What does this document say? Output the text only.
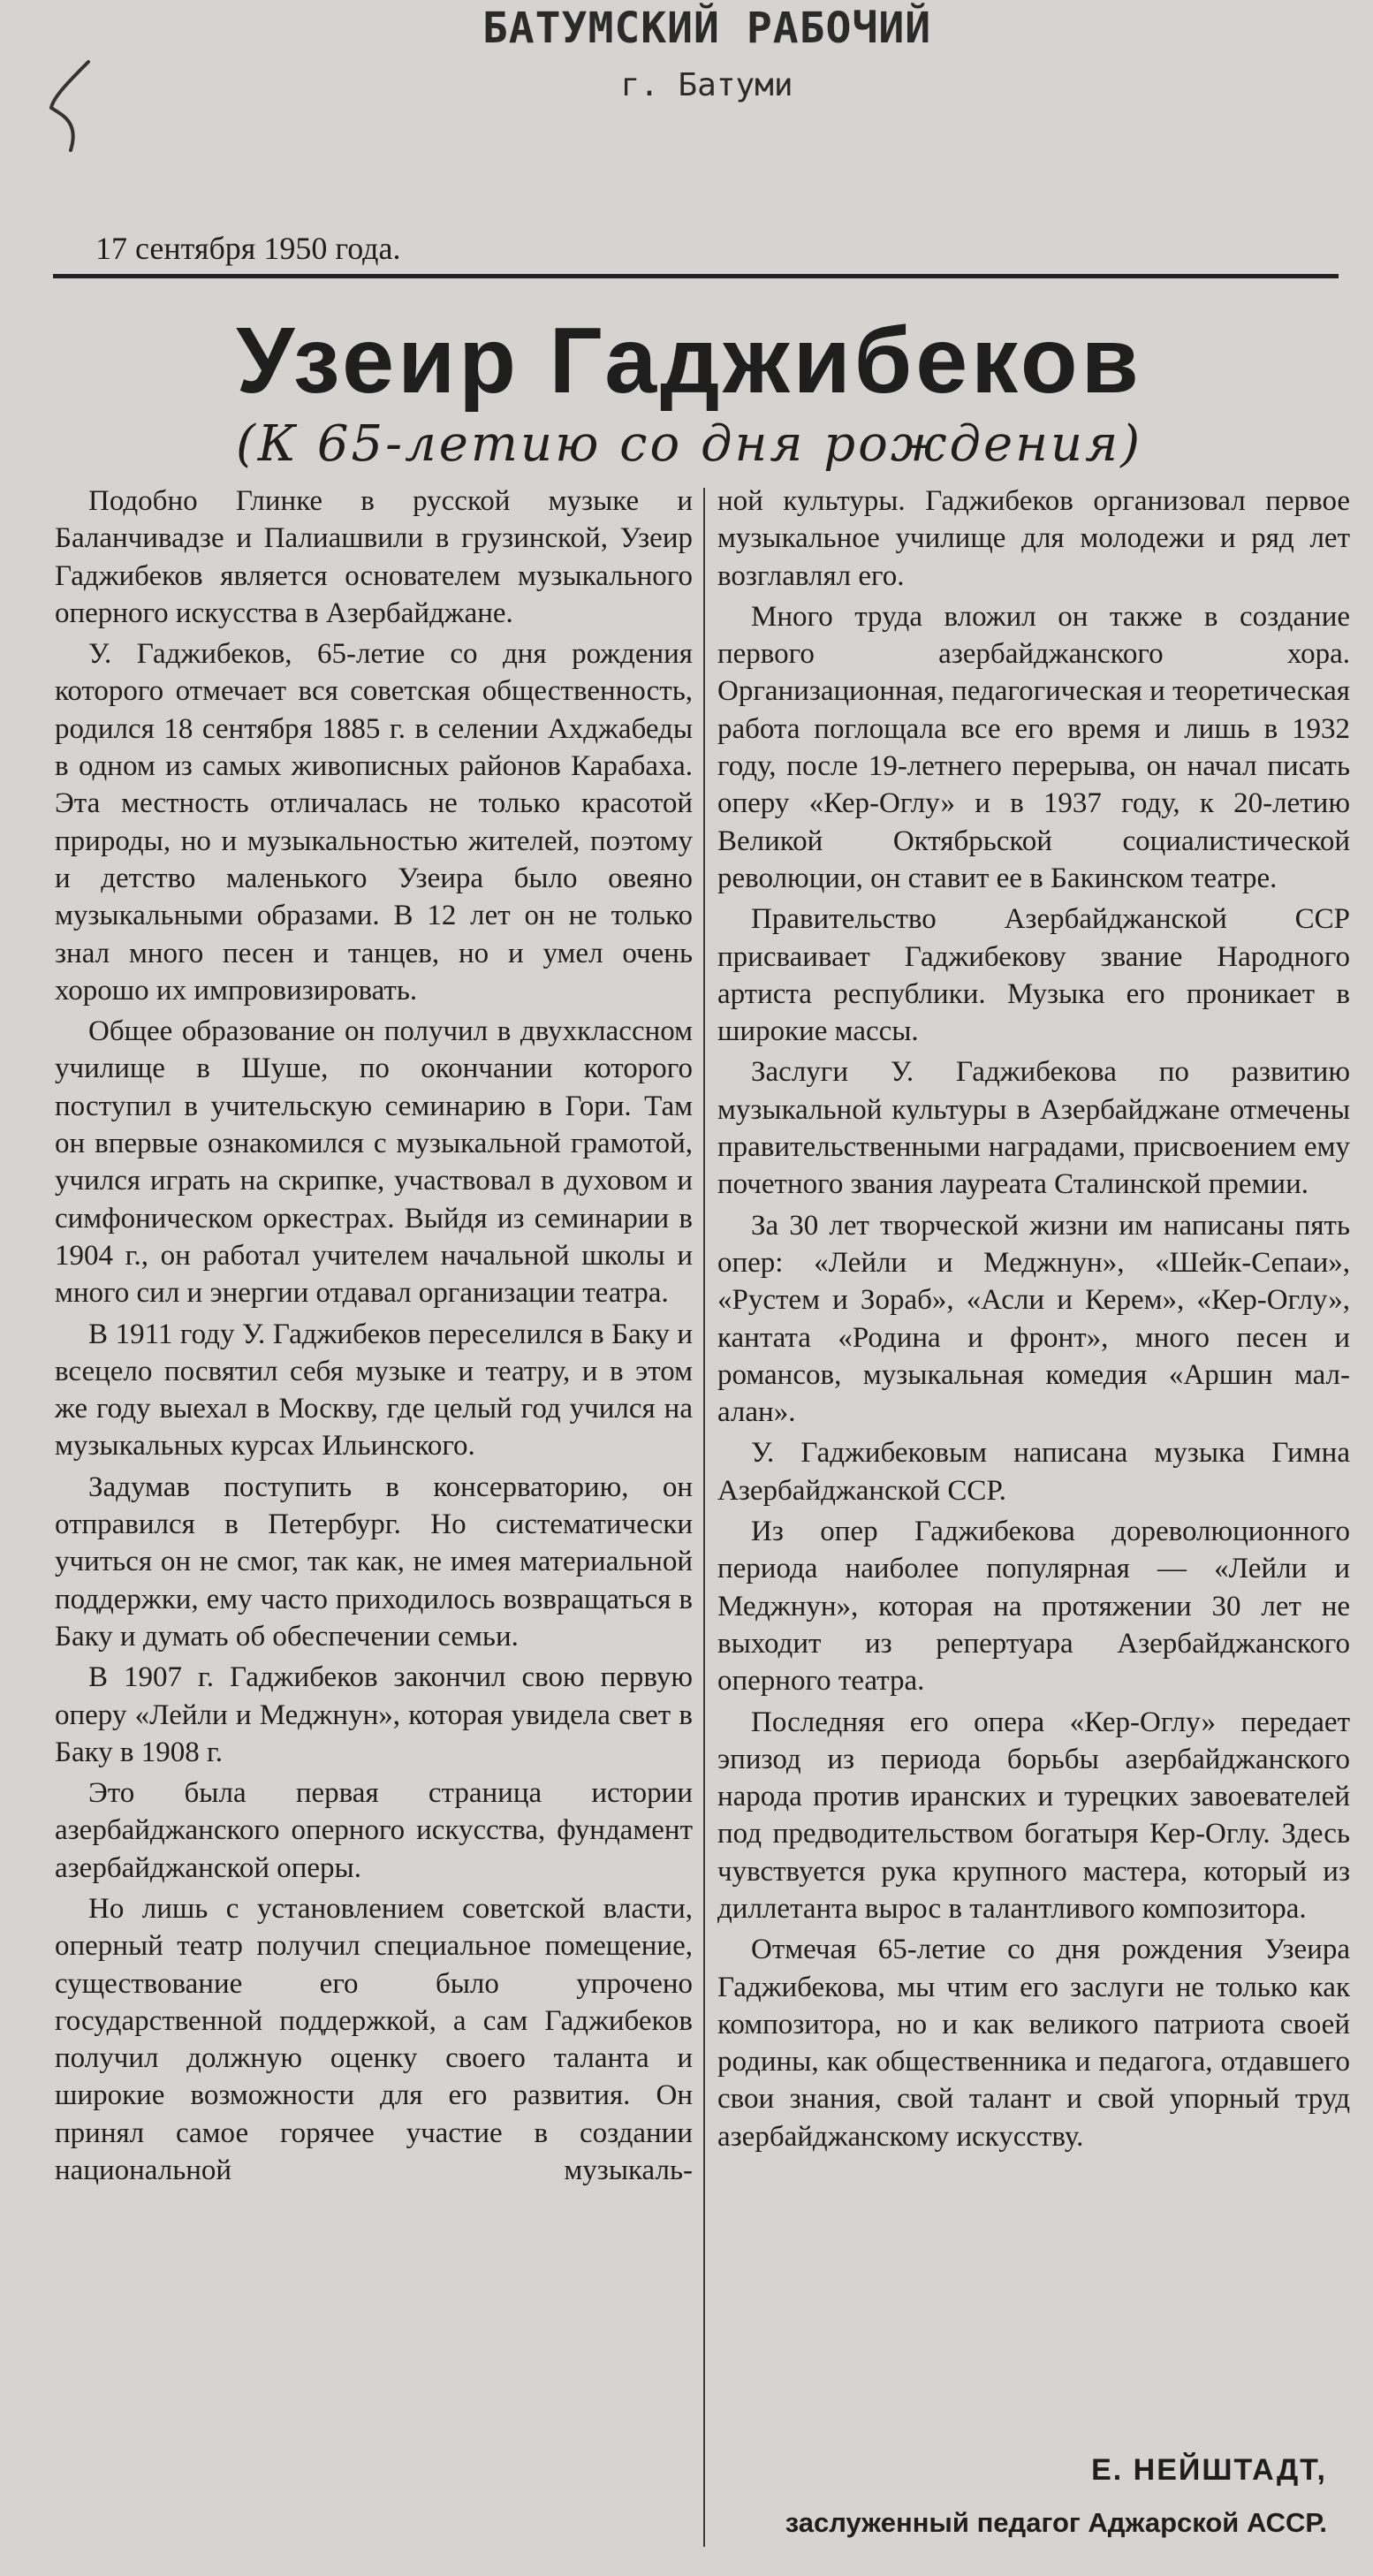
БАТУМСКИЙ РАБОЧИЙ
г. Батуми
17 сентября 1950 года.
Узеир Гаджибеков
(К 65-летию со дня рождения)

Подобно Глинке в русской музыке и Баланчивадзе и Палиашвили в грузинской, Узеир Гаджибеков является основателем музыкального оперного искусства в Азербайджане.

У. Гаджибеков, 65-летие со дня рождения которого отмечает вся советская общественность, родился 18 сентября 1885 г. в селении Ахджабеды в одном из самых живописных районов Карабаха. Эта местность отличалась не только красотой природы, но и музыкальностью жителей, поэтому и детство маленького Узеира было овеяно музыкальными образами. В 12 лет он не только знал много песен и танцев, но и умел очень хорошо их импровизировать.

Общее образование он получил в двухклассном училище в Шуше, по окончании которого поступил в учительскую семинарию в Гори. Там он впервые ознакомился с музыкальной грамотой, учился играть на скрипке, участвовал в духовом и симфоническом оркестрах. Выйдя из семинарии в 1904 г., он работал учителем начальной школы и много сил и энергии отдавал организации театра.

В 1911 году У. Гаджибеков переселился в Баку и всецело посвятил себя музыке и театру, и в этом же году выехал в Москву, где целый год учился на музыкальных курсах Ильинского.

Задумав поступить в консерваторию, он отправился в Петербург. Но систематически учиться он не смог, так как, не имея материальной поддержки, ему часто приходилось возвращаться в Баку и думать об обеспечении семьи.

В 1907 г. Гаджибеков закончил свою первую оперу «Лейли и Меджнун», которая увидела свет в Баку в 1908 г.

Это была первая страница истории азербайджанского оперного искусства, фундамент азербайджанской оперы.

Но лишь с установлением советской власти, оперный театр получил специальное помещение, существование его было упрочено государственной поддержкой, а сам Гаджибеков получил должную оценку своего таланта и широкие возможности для его развития. Он принял самое горячее участие в создании национальной музыкаль-

ной культуры. Гаджибеков организовал первое музыкальное училище для молодежи и ряд лет возглавлял его.

Много труда вложил он также в создание первого азербайджанского хора. Организационная, педагогическая и теоретическая работа поглощала все его время и лишь в 1932 году, после 19-летнего перерыва, он начал писать оперу «Кер-Оглу» и в 1937 году, к 20-летию Великой Октябрьской социалистической революции, он ставит ее в Бакинском театре.

Правительство Азербайджанской ССР присваивает Гаджибекову звание Народного артиста республики. Музыка его проникает в широкие массы.

Заслуги У. Гаджибекова по развитию музыкальной культуры в Азербайджане отмечены правительственными наградами, присвоением ему почетного звания лауреата Сталинской премии.

За 30 лет творческой жизни им написаны пять опер: «Лейли и Меджнун», «Шейк-Сепаи», «Рустем и Зораб», «Асли и Керем», «Кер-Оглу», кантата «Родина и фронт», много песен и романсов, музыкальная комедия «Аршин мал-алан».

У. Гаджибековым написана музыка Гимна Азербайджанской ССР.

Из опер Гаджибекова дореволюционного периода наиболее популярная — «Лейли и Меджнун», которая на протяжении 30 лет не выходит из репертуара Азербайджанского оперного театра.

Последняя его опера «Кер-Оглу» передает эпизод из периода борьбы азербайджанского народа против иранских и турецких завоевателей под предводительством богатыря Кер-Оглу. Здесь чувствуется рука крупного мастера, который из диллетанта вырос в талантливого композитора.

Отмечая 65-летие со дня рождения Узеира Гаджибекова, мы чтим его заслуги не только как композитора, но и как великого патриота своей родины, как общественника и педагога, отдавшего свои знания, свой талант и свой упорный труд азербайджанскому искусству.

Е. НЕЙШТАДТ,
заслуженный педагог Аджарской АССР.
